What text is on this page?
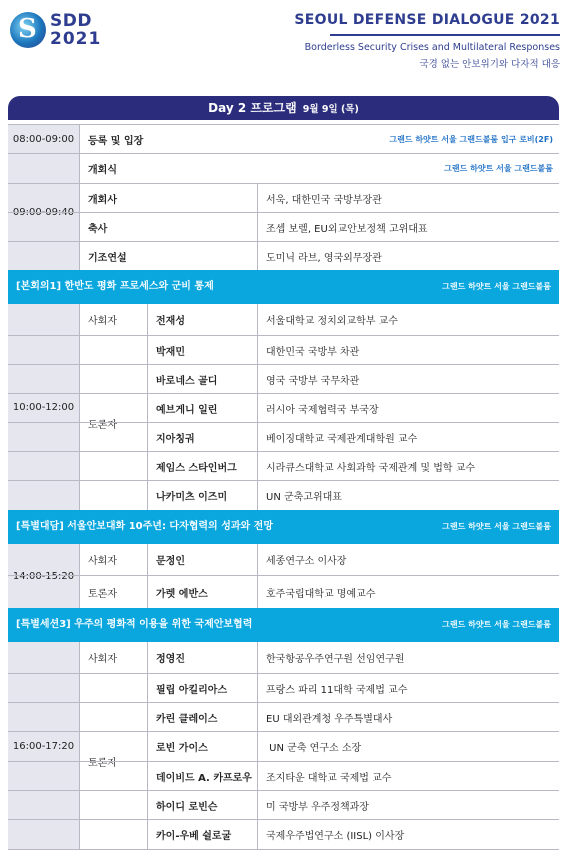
S SDD
2021
SEOUL DEFENSE DIALOGUE 2021
Borderless Security Crises and Multilateral Responses
국경 없는 안보위기와 다자적 대응
Day 2 프로그램 9월 9일 (목)
08:00-09:00	등록 및 입장	그랜드 하얏트 서울 그랜드볼룸 입구 로비(2F)
09:00-09:40
개회식	그랜드 하얏트 서울 그랜드볼룸
개회사	서욱, 대한민국 국방부장관
축사	조셉 보렐, EU외교안보정책 고위대표
기조연설	도미닉 라브, 영국외무장관
[본회의1] 한반도 평화 프로세스와 군비 통제	그랜드 하얏트 서울 그랜드볼룸
10:00-12:00
사회자	전재성	서울대학교 정치외교학부 교수
토론자
박재민	대한민국 국방부 차관
바로네스 골디	영국 국방부 국무차관
예브게니 일린	러시아 국제협력국 부국장
지아칭궈	베이징대학교 국제관계대학원 교수
제임스 스타인버그	시라큐스대학교 사회과학 국제관계 및 법학 교수
나카미츠 이즈미	UN 군축고위대표
[특별대담] 서울안보대화 10주년: 다자협력의 성과와 전망	그랜드 하얏트 서울 그랜드볼룸
14:00-15:20
사회자	문정인	세종연구소 이사장
토론자	가렛 에반스	호주국립대학교 명예교수
[특별세션3] 우주의 평화적 이용을 위한 국제안보협력	그랜드 하얏트 서울 그랜드볼룸
16:00-17:20
사회자	정영진	한국항공우주연구원 선임연구원
토론자
필립 아킬리아스	프랑스 파리 11대학 국제법 교수
카린 클레이스	EU 대외관계청 우주특별대사
로빈 가이스	UN 군축 연구소 소장
데이비드 A. 카프로우	조지타운 대학교 국제법 교수
하이디 로빈슨	미 국방부 우주정책과장
카이-우베 쉴로굴	국제우주법연구소 (IISL) 이사장
